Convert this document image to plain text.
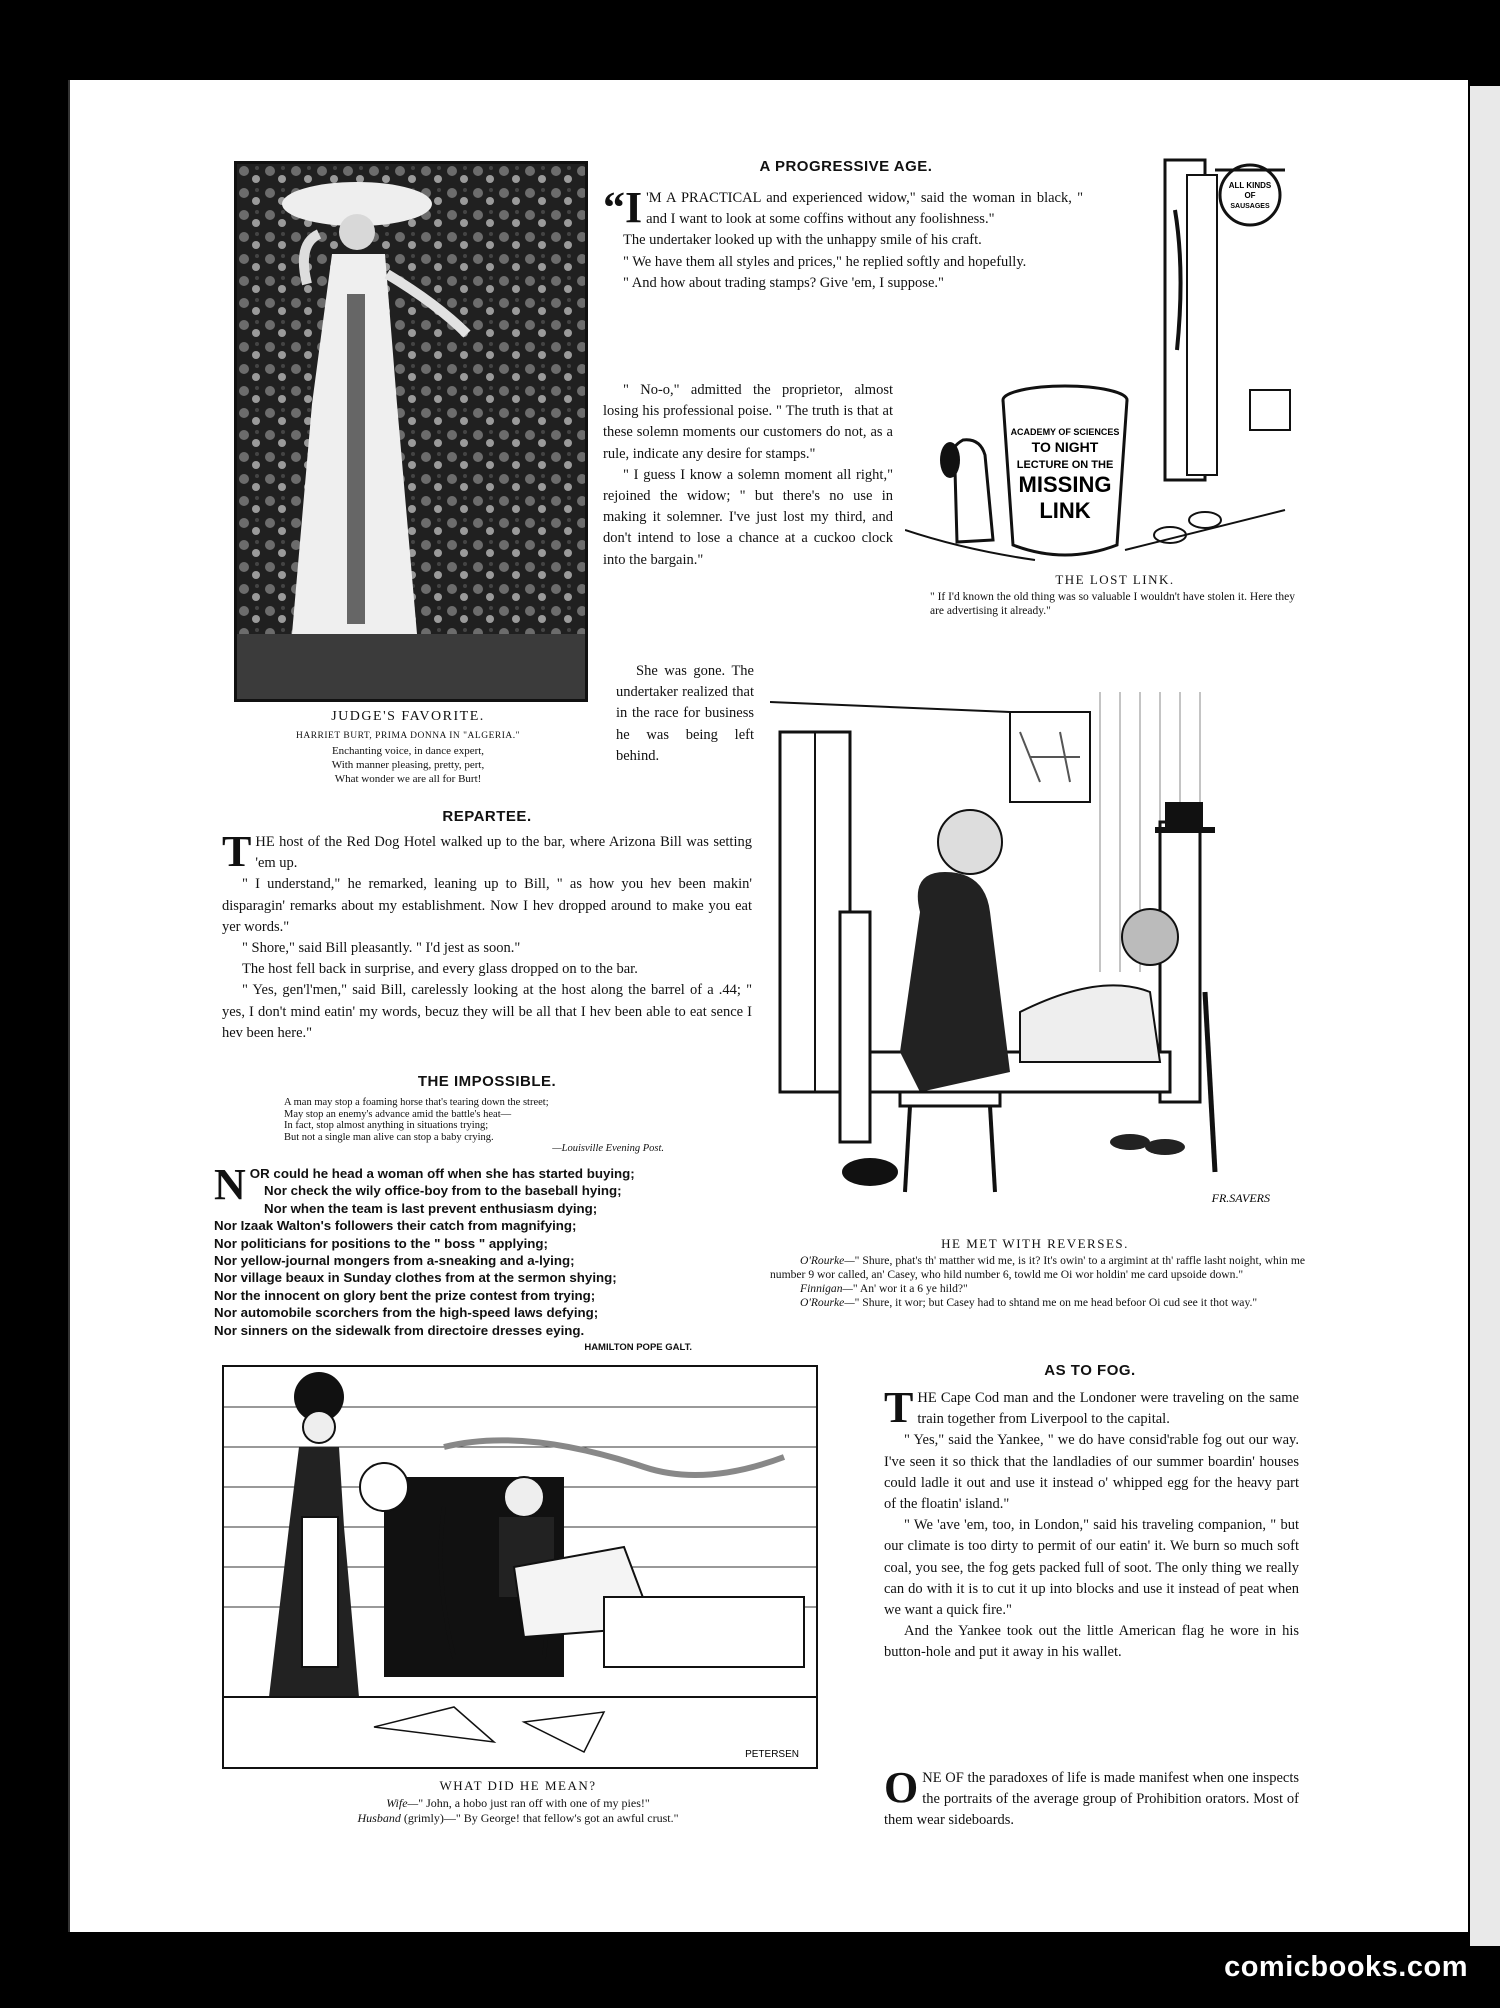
JUDGE'S FAVORITE.
HARRIET BURT, PRIMA DONNA IN "ALGERIA."
Enchanting voice, in dance expert,
With manner pleasing, pretty, pert,
What wonder we are all for Burt!
A PROGRESSIVE AGE.

“I 'M A PRACTICAL and experienced widow," said the woman in black, " and I want to look at some coffins without any foolishness."

The undertaker looked up with the unhappy smile of his craft.

" We have them all styles and prices," he replied softly and hopefully.

" And how about trading stamps? Give 'em, I suppose."

" No-o," admitted the proprietor, almost losing his professional poise. " The truth is that at these solemn moments our customers do not, as a rule, indicate any desire for stamps."

" I guess I know a solemn moment all right," rejoined the widow; " but there's no use in making it solemner. I've just lost my third, and don't intend to lose a chance at a cuckoo clock into the bargain."

She was gone. The undertaker realized that in the race for business he was being left behind.

ALL KINDS
OF
SAUSAGES
ACADEMY OF SCIENCES
TO NIGHT
LECTURE ON THE
MISSING
LINK
THE LOST LINK.
" If I'd known the old thing was so valuable I wouldn't have stolen it. Here they are advertising it already."
REPARTEE.

THE host of the Red Dog Hotel walked up to the bar, where Arizona Bill was setting 'em up.

" I understand," he remarked, leaning up to Bill, " as how you hev been makin' disparagin' remarks about my establishment. Now I hev dropped around to make you eat yer words."

" Shore," said Bill pleasantly. " I'd jest as soon."

The host fell back in surprise, and every glass dropped on to the bar.

" Yes, gen'l'men," said Bill, carelessly looking at the host along the barrel of a .44; " yes, I don't mind eatin' my words, becuz they will be all that I hev been able to eat sence I hev been here."

THE IMPOSSIBLE.
A man may stop a foaming horse that's tearing down the street;
May stop an enemy's advance amid the battle's heat—
In fact, stop almost anything in situations trying;
But not a single man alive can stop a baby crying.
—Louisville Evening Post.
N OR could he head a woman off when she has started buying;
Nor check the wily office-boy from to the baseball hying;
Nor when the team is last prevent enthusiasm dying;
Nor Izaak Walton's followers their catch from magnifying;
Nor politicians for positions to the " boss " applying;
Nor yellow-journal mongers from a-sneaking and a-lying;
Nor village beaux in Sunday clothes from at the sermon shying;
Nor the innocent on glory bent the prize contest from trying;
Nor automobile scorchers from the high-speed laws defying;
Nor sinners on the sidewalk from directoire dresses eying.
HAMILTON POPE GALT.
FR.SAVERS
HE MET WITH REVERSES.
O'Rourke—" Shure, phat's th' matther wid me, is it? It's owin' to a argimint at th' raffle lasht noight, whin me number 9 wor called, an' Casey, who hild number 6, towld me Oi wor holdin' me card upsoide down."
Finnigan—" An' wor it a 6 ye hild?"
O'Rourke—" Shure, it wor; but Casey had to shtand me on me head befoor Oi cud see it thot way."
PETERSEN
WHAT DID HE MEAN?
Wife—" John, a hobo just ran off with one of my pies!"
Husband (grimly)—" By George! that fellow's got an awful crust."
AS TO FOG.

THE Cape Cod man and the Londoner were traveling on the same train together from Liverpool to the capital.

" Yes," said the Yankee, " we do have consid'rable fog out our way. I've seen it so thick that the landladies of our summer boardin' houses could ladle it out and use it instead o' whipped egg for the heavy part of the floatin' island."

" We 'ave 'em, too, in London," said his traveling companion, " but our climate is too dirty to permit of our eatin' it. We burn so much soft coal, you see, the fog gets packed full of soot. The only thing we really can do with it is to cut it up into blocks and use it instead of peat when we want a quick fire."

And the Yankee took out the little American flag he wore in his button-hole and put it away in his wallet.

ONE OF the paradoxes of life is made manifest when one inspects the portraits of the average group of Prohibition orators. Most of them wear sideboards.

comicbooks.com
